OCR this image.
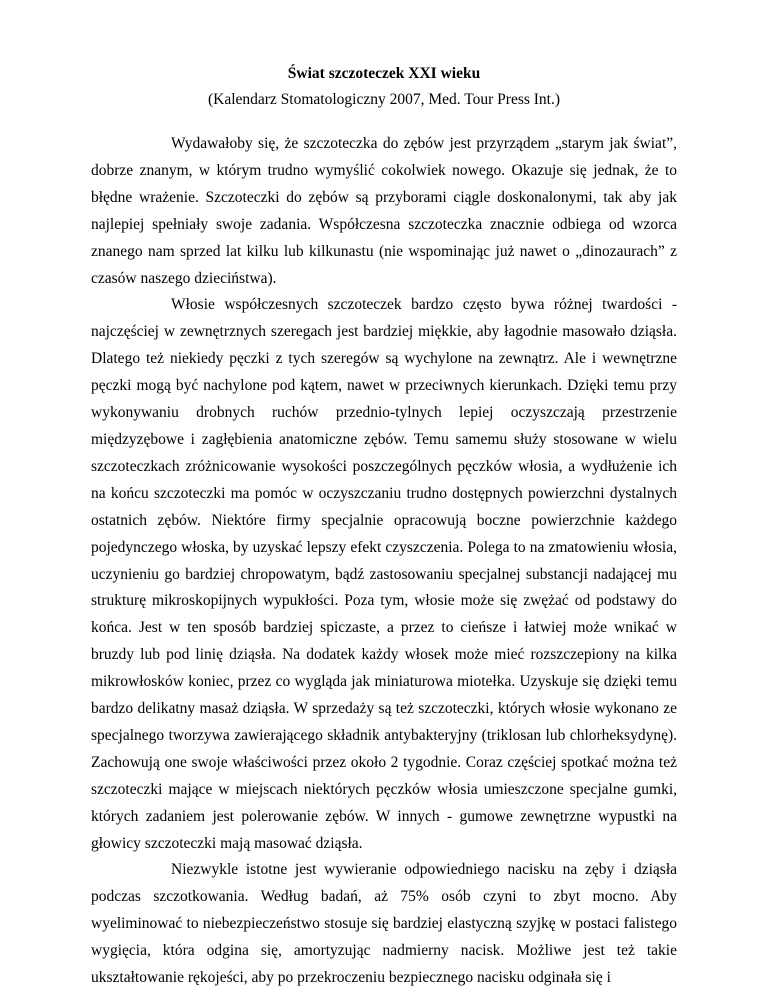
Świat szczoteczek XXI wieku

(Kalendarz Stomatologiczny 2007, Med. Tour Press Int.)

Wydawałoby się, że szczoteczka do zębów jest przyrządem „starym jak świat”, dobrze znanym, w którym trudno wymyślić cokolwiek nowego. Okazuje się jednak, że to błędne wrażenie. Szczoteczki do zębów są przyborami ciągle doskonalonymi, tak aby jak najlepiej spełniały swoje zadania. Współczesna szczoteczka znacznie odbiega od wzorca znanego nam sprzed lat kilku lub kilkunastu (nie wspominając już nawet o „dinozaurach” z czasów naszego dzieciństwa).

Włosie współczesnych szczoteczek bardzo często bywa różnej twardości - najczęściej w zewnętrznych szeregach jest bardziej miękkie, aby łagodnie masowało dziąsła. Dlatego też niekiedy pęczki z tych szeregów są wychylone na zewnątrz. Ale i wewnętrzne pęczki mogą być nachylone pod kątem, nawet w przeciwnych kierunkach. Dzięki temu przy wykonywaniu drobnych ruchów przednio-tylnych lepiej oczyszczają przestrzenie międzyzębowe i zagłębienia anatomiczne zębów. Temu samemu służy stosowane w wielu szczoteczkach zróżnicowanie wysokości poszczególnych pęczków włosia, a wydłużenie ich na końcu szczoteczki ma pomóc w oczyszczaniu trudno dostępnych powierzchni dystalnych ostatnich zębów. Niektóre firmy specjalnie opracowują boczne powierzchnie każdego pojedynczego włoska, by uzyskać lepszy efekt czyszczenia. Polega to na zmatowieniu włosia, uczynieniu go bardziej chropowatym, bądź zastosowaniu specjalnej substancji nadającej mu strukturę mikroskopijnych wypukłości. Poza tym, włosie może się zwężać od podstawy do końca. Jest w ten sposób bardziej spiczaste, a przez to cieńsze i łatwiej może wnikać w bruzdy lub pod linię dziąsła. Na dodatek każdy włosek może mieć rozszczepiony na kilka mikrowłosków koniec, przez co wygląda jak miniaturowa miotełka. Uzyskuje się dzięki temu bardzo delikatny masaż dziąsła. W sprzedaży są też szczoteczki, których włosie wykonano ze specjalnego tworzywa zawierającego składnik antybakteryjny (triklosan lub chlorheksydynę). Zachowują one swoje właściwości przez około 2 tygodnie. Coraz częściej spotkać można też szczoteczki mające w miejscach niektórych pęczków włosia umieszczone specjalne gumki, których zadaniem jest polerowanie zębów. W innych - gumowe zewnętrzne wypustki na głowicy szczoteczki mają masować dziąsła.

Niezwykle istotne jest wywieranie odpowiedniego nacisku na zęby i dziąsła podczas szczotkowania. Według badań, aż 75% osób czyni to zbyt mocno. Aby wyeliminować to niebezpieczeństwo stosuje się bardziej elastyczną szyjkę w postaci falistego wygięcia, która odgina się, amortyzując nadmierny nacisk. Możliwe jest też takie ukształtowanie rękojeści, aby po przekroczeniu bezpiecznego nacisku odginała się i
